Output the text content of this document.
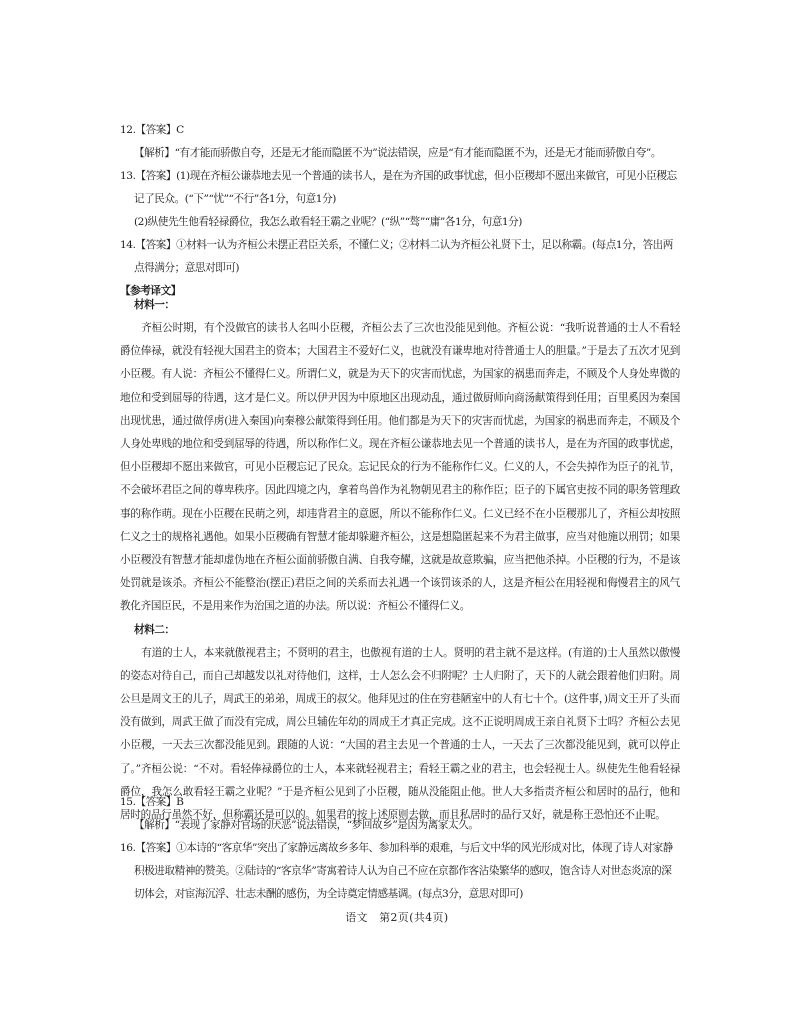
12.【答案】C

【解析】“有才能而骄傲自夸，还是无才能而隐匿不为”说法错误，应是“有才能而隐匿不为，还是无才能而骄傲自夸”。

13.【答案】(1)现在齐桓公谦恭地去见一个普通的读书人，是在为齐国的政事忧虑，但小臣稷却不愿出来做官，可见小臣稷忘记了民众。(“下”“忧”“不行”各1分，句意1分)

(2)纵使先生他看轻禄爵位，我怎么敢看轻王霸之业呢？(“纵”“骜”“庸”各1分，句意1分)

14.【答案】①材料一认为齐桓公未摆正君臣关系，不懂仁义；②材料二认为齐桓公礼贤下士，足以称霸。(每点1分，答出两点得满分；意思对即可)

【参考译文】

材料一：

齐桓公时期，有个没做官的读书人名叫小臣稷，齐桓公去了三次也没能见到他。齐桓公说：“我听说普通的士人不看轻爵位俸禄，就没有轻视大国君主的资本；大国君主不爱好仁义，也就没有谦卑地对待普通士人的胆量。”于是去了五次才见到小臣稷。有人说：齐桓公不懂得仁义。所谓仁义，就是为天下的灾害而忧虑，为国家的祸患而奔走，不顾及个人身处卑微的地位和受到屈辱的待遇，这才是仁义。所以伊尹因为中原地区出现动乱，通过做厨师向商汤献策得到任用；百里奚因为秦国出现忧患，通过做俘虏(进入秦国)向秦穆公献策得到任用。他们都是为天下的灾害而忧虑，为国家的祸患而奔走，不顾及个人身处卑贱的地位和受到屈辱的待遇，所以称作仁义。现在齐桓公谦恭地去见一个普通的读书人，是在为齐国的政事忧虑，但小臣稷却不愿出来做官，可见小臣稷忘记了民众。忘记民众的行为不能称作仁义。仁义的人，不会失掉作为臣子的礼节，不会破坏君臣之间的尊卑秩序。因此四境之内，拿着鸟兽作为礼物朝见君主的称作臣；臣子的下属官吏按不同的职务管理政事的称作萌。现在小臣稷在民萌之列，却违背君主的意愿，所以不能称作仁义。仁义已经不在小臣稷那儿了，齐桓公却按照仁义之士的规格礼遇他。如果小臣稷确有智慧才能却躲避齐桓公，这是想隐匿起来不为君主做事，应当对他施以刑罚；如果小臣稷没有智慧才能却虚伪地在齐桓公面前骄傲自满、自我夸耀，这就是故意欺骗，应当把他杀掉。小臣稷的行为，不是该处罚就是该杀。齐桓公不能整治(摆正)君臣之间的关系而去礼遇一个该罚该杀的人，这是齐桓公在用轻视和侮慢君主的风气教化齐国臣民，不是用来作为治国之道的办法。所以说：齐桓公不懂得仁义。

材料二：

有道的士人，本来就傲视君主；不贤明的君主，也傲视有道的士人。贤明的君主就不是这样。(有道的)士人虽然以傲慢的姿态对待自己，而自己却越发以礼对待他们，这样，士人怎么会不归附呢？士人归附了，天下的人就会跟着他们归附。周公旦是周文王的儿子，周武王的弟弟，周成王的叔父。他拜见过的住在穷巷陋室中的人有七十个。(这件事，)周文王开了头而没有做到，周武王做了而没有完成，周公旦辅佐年幼的周成王才真正完成。这不正说明周成王亲自礼贤下士吗？齐桓公去见小臣稷，一天去三次都没能见到。跟随的人说：“大国的君主去见一个普通的士人，一天去了三次都没能见到，就可以停止了。”齐桓公说：“不对。看轻俸禄爵位的士人，本来就轻视君主；看轻王霸之业的君主，也会轻视士人。纵使先生他看轻禄爵位，我怎么敢看轻王霸之业呢？”于是齐桓公见到了小臣稷，随从没能阻止他。世人大多指责齐桓公和居时的品行，他和居时的品行虽然不好，但称霸还是可以的。如果君的按上述原则去做，而且私居时的品行又好，就是称王恐怕还不止呢。

15.【答案】B

【解析】“表现了家静对官场的厌恶”说法错误，“梦回故乡”是因为离家太久。

16.【答案】①本诗的“客京华”突出了家静远离故乡多年、参加科举的艰难，与后文中华的风光形成对比，体现了诗人对家静积极进取精神的赞美。②陆诗的“客京华”寄寓着诗人认为自己不应在京都作客沾染繁华的感叹，饱含诗人对世态炎凉的深切体会，对宦海沉浮、壮志未酬的感伤，为全诗奠定情感基调。(每点3分，意思对即可)

语文　第2页(共4页)
